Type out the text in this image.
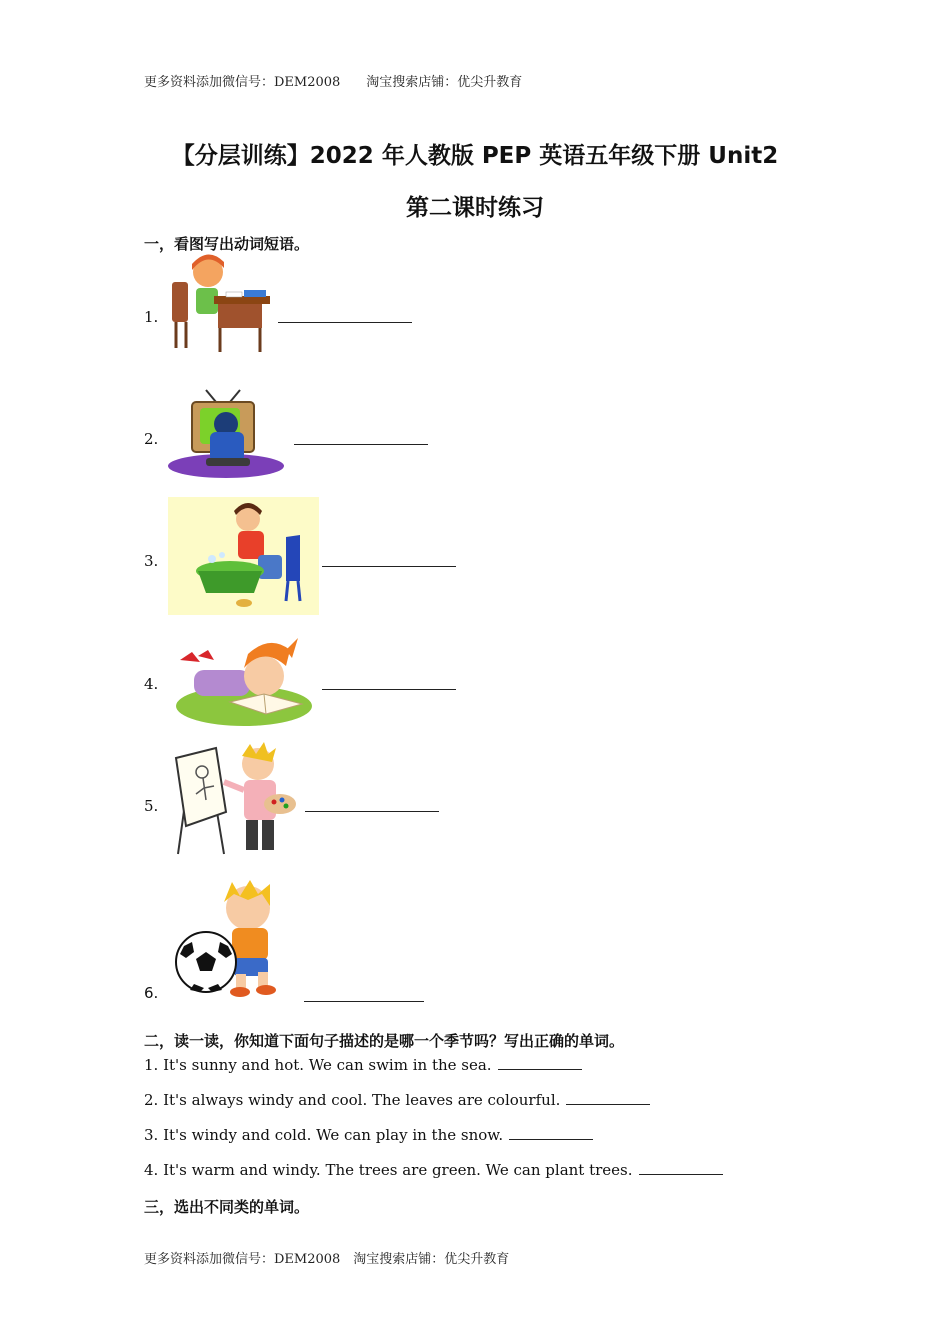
更多资料添加微信号：DEM2008　　淘宝搜索店铺：优尖升教育
【分层训练】2022 年人教版 PEP 英语五年级下册 Unit2
第二课时练习
一，看图写出动词短语。
1.
2.
3.
4.
5.
6.
二，读一读，你知道下面句子描述的是哪一个季节吗？写出正确的单词。
1. It's sunny and hot. We can swim in the sea.
2. It's always windy and cool. The leaves are colourful.
3. It's windy and cold. We can play in the snow.
4. It's warm and windy. The trees are green. We can plant trees.
三，选出不同类的单词。
更多资料添加微信号：DEM2008　淘宝搜索店铺：优尖升教育
